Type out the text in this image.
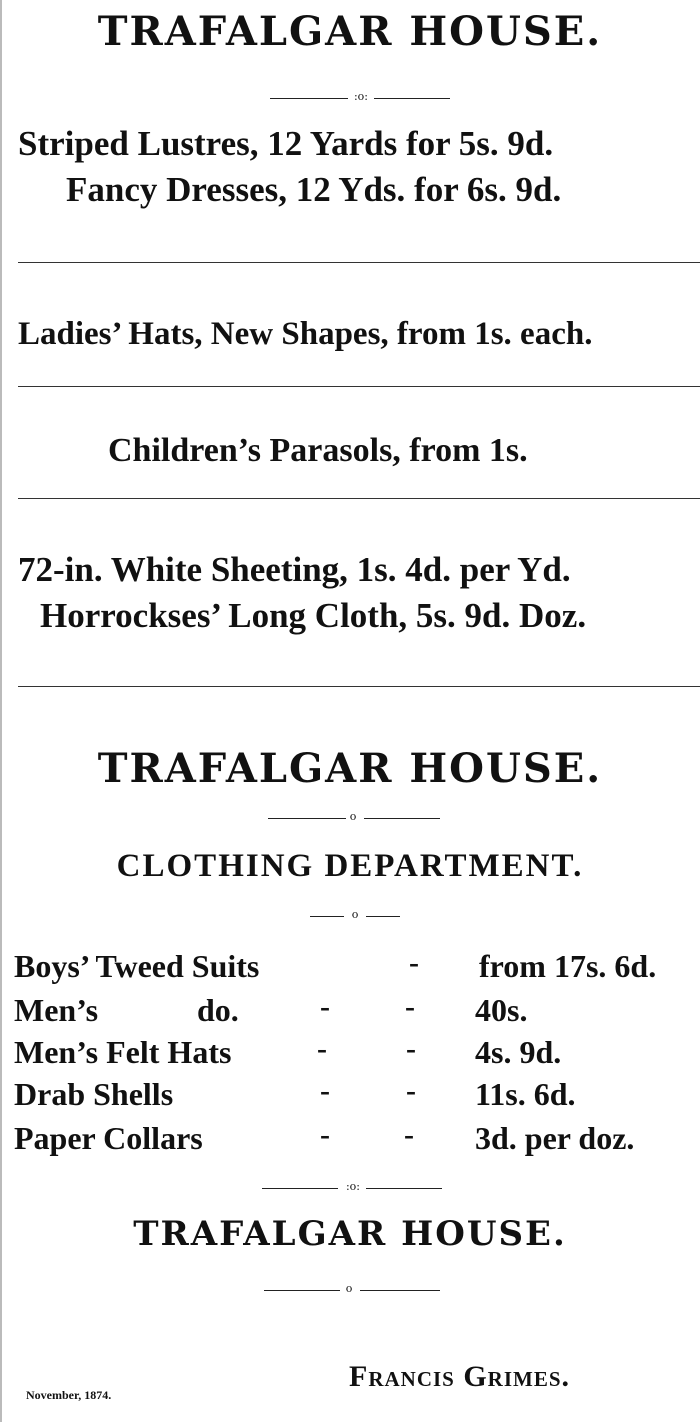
TRAFALGAR HOUSE.
:o:
Striped Lustres, 12 Yards for 5s. 9d.
Fancy Dresses, 12 Yds. for 6s. 9d.
Ladies’ Hats, New Shapes, from 1s. each.
Children’s Parasols, from 1s.
72-in. White Sheeting, 1s. 4d. per Yd.
Horrockses’ Long Cloth, 5s. 9d. Doz.
TRAFALGAR HOUSE.
o
CLOTHING DEPARTMENT.
o
Boys’ Tweed Suits	- from 17s. 6d.
Men’s	do.	-	- 40s.
Men’s Felt Hats	-	- 4s. 9d.
Drab Shells	-	- 11s. 6d.
Paper Collars	- - 3d. per doz.
:o:
TRAFALGAR HOUSE.
o
November, 1874.
Francis Grimes.
